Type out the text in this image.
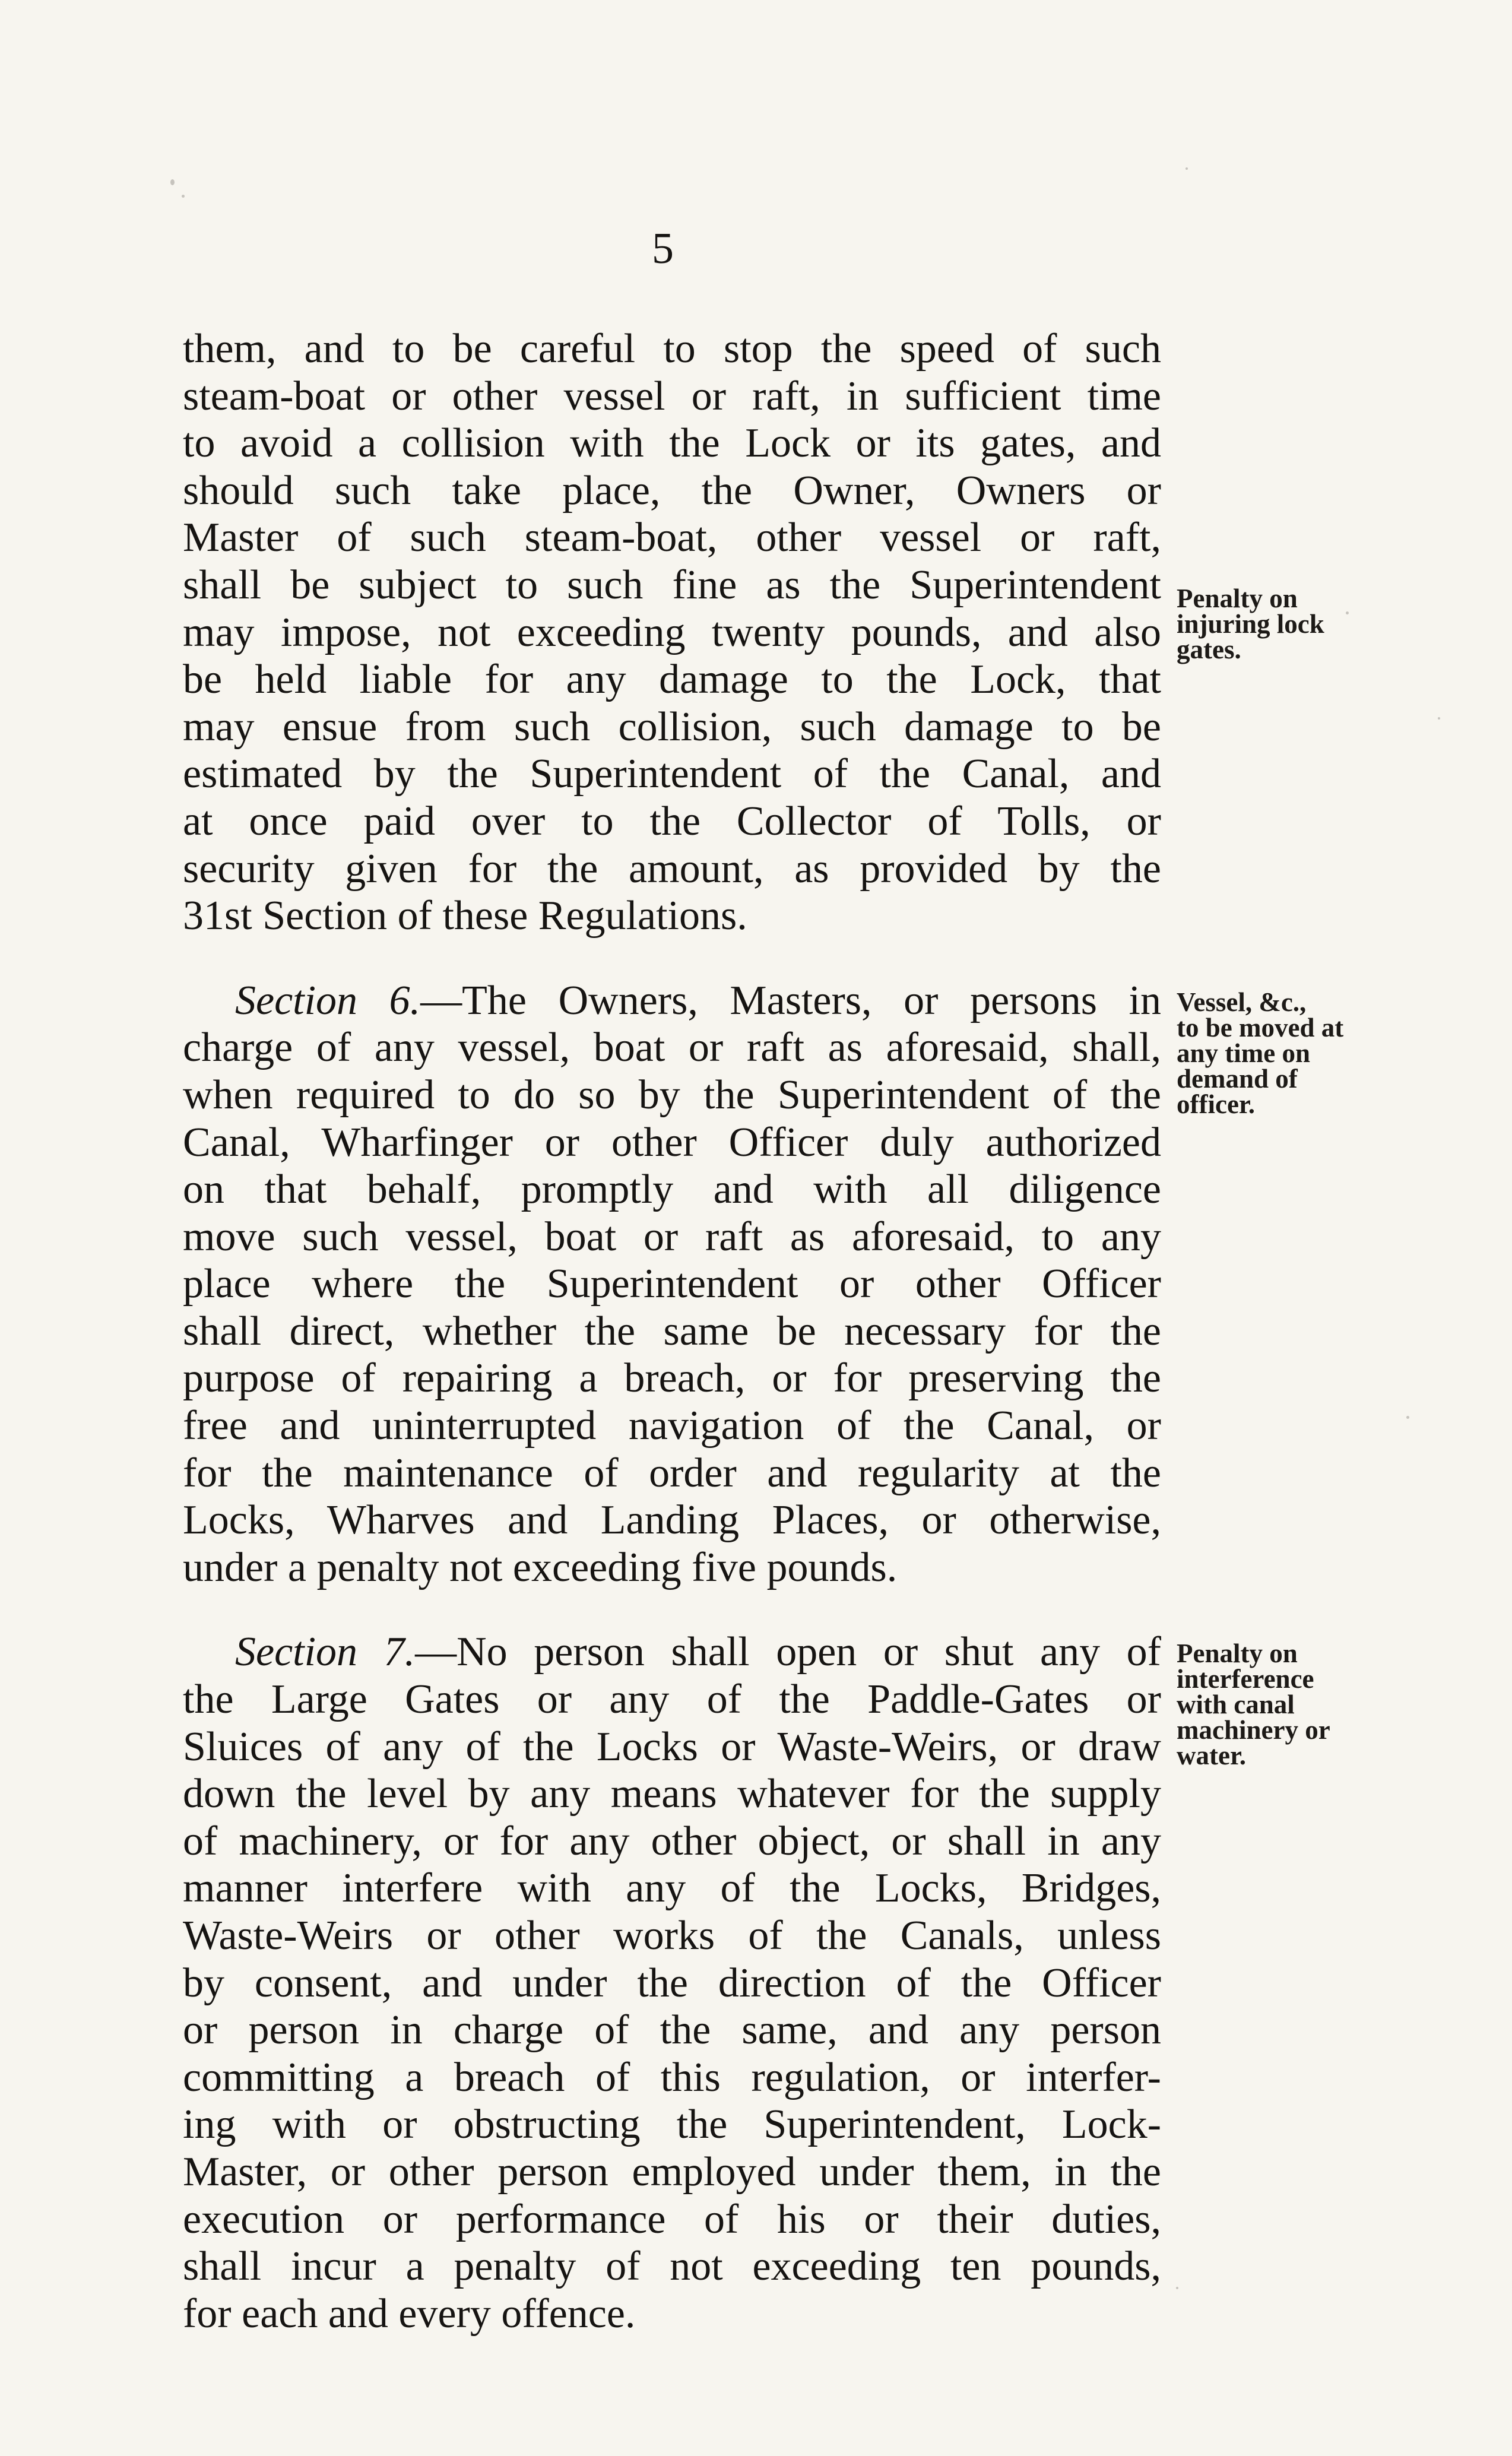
5
them, and to be careful to stop the speed of such
steam-boat or other vessel or raft, in sufficient time
to avoid a collision with the Lock or its gates, and
should such take place, the Owner, Owners or
Master of such steam-boat, other vessel or raft,
shall be subject to such fine as the Superintendent
may impose, not exceeding twenty pounds, and also
be held liable for any damage to the Lock, that
may ensue from such collision, such damage to be
estimated by the Superintendent of the Canal, and
at once paid over to the Collector of Tolls, or
security given for the amount, as provided by the
31st Section of these Regulations.
Section 6.—The Owners, Masters, or persons in
charge of any vessel, boat or raft as aforesaid, shall,
when required to do so by the Superintendent of the
Canal, Wharfinger or other Officer duly authorized
on that behalf, promptly and with all diligence
move such vessel, boat or raft as aforesaid, to any
place where the Superintendent or other Officer
shall direct, whether the same be necessary for the
purpose of repairing a breach, or for preserving the
free and uninterrupted navigation of the Canal, or
for the maintenance of order and regularity at the
Locks, Wharves and Landing Places, or otherwise,
under a penalty not exceeding five pounds.
Section 7.—No person shall open or shut any of
the Large Gates or any of the Paddle-Gates or
Sluices of any of the Locks or Waste-Weirs, or draw
down the level by any means whatever for the supply
of machinery, or for any other object, or shall in any
manner interfere with any of the Locks, Bridges,
Waste-Weirs or other works of the Canals, unless
by consent, and under the direction of the Officer
or person in charge of the same, and any person
committing a breach of this regulation, or interfer-
ing with or obstructing the Superintendent, Lock-
Master, or other person employed under them, in the
execution or performance of his or their duties,
shall incur a penalty of not exceeding ten pounds,
for each and every offence.
Penalty on
injuring lock
gates.
Vessel, &c.,
to be moved at
any time on
demand of
officer.
Penalty on
interference
with canal
machinery or
water.
